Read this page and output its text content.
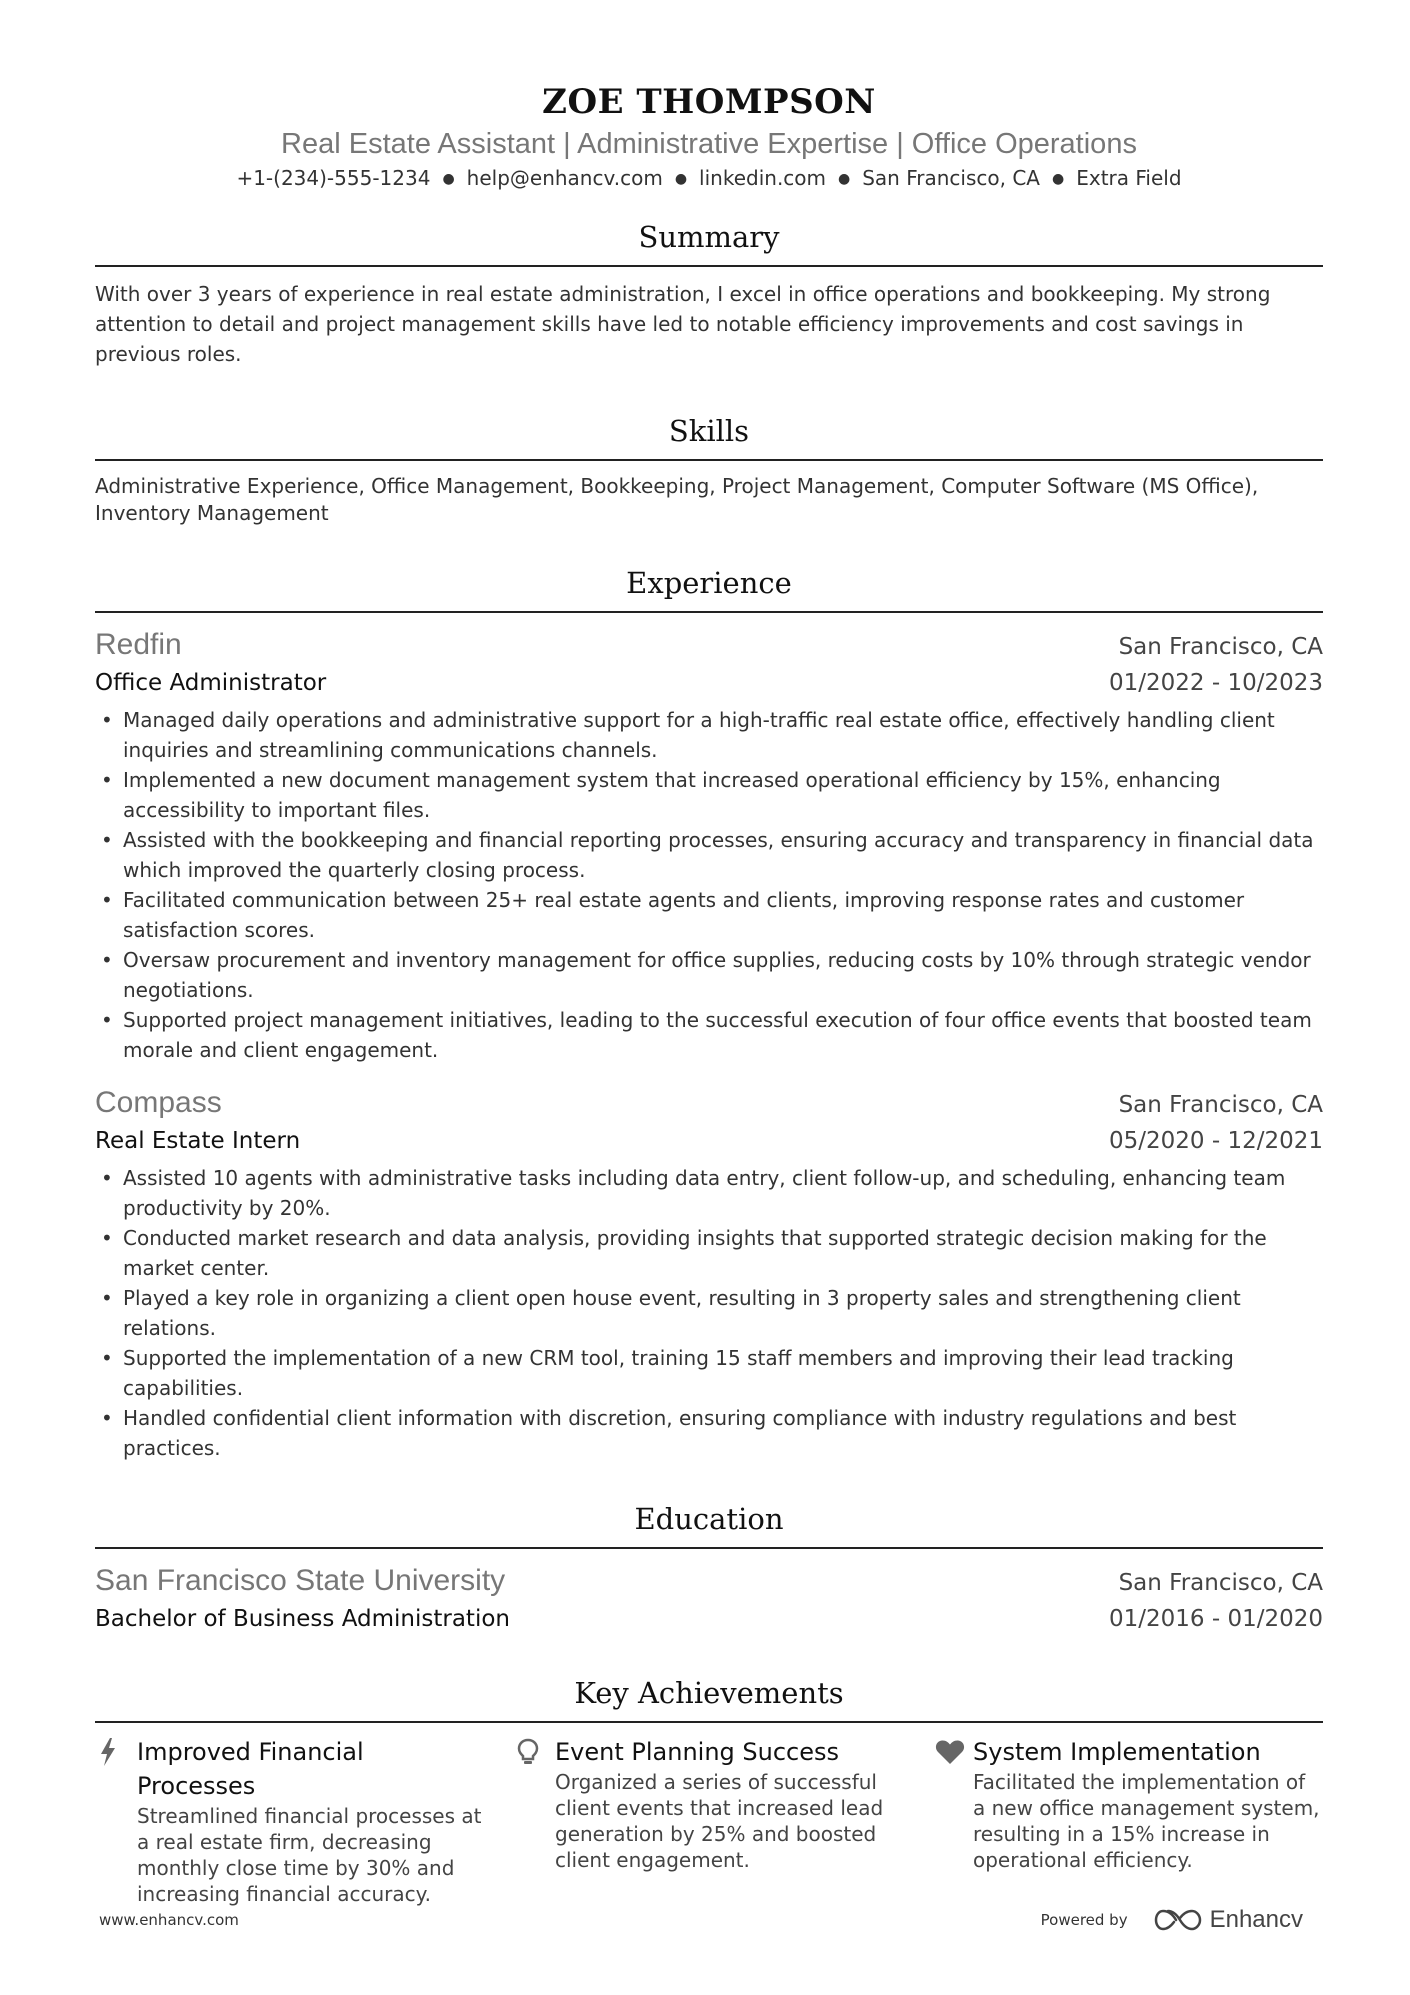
ZOE THOMPSON
Real Estate Assistant | Administrative Expertise | Office Operations
+1-(234)-555-1234 ● help@enhancv.com ● linkedin.com ● San Francisco, CA ● Extra Field
Summary
With over 3 years of experience in real estate administration, I excel in office operations and bookkeeping. My strong attention to detail and project management skills have led to notable efficiency improvements and cost savings in previous roles.
Skills
Administrative Experience, Office Management, Bookkeeping, Project Management, Computer Software (MS Office), Inventory Management
Experience
Redfin	San Francisco, CA
Office Administrator	01/2022 - 10/2023
• Managed daily operations and administrative support for a high-traffic real estate office, effectively handling client inquiries and streamlining communications channels.
• Implemented a new document management system that increased operational efficiency by 15%, enhancing accessibility to important files.
• Assisted with the bookkeeping and financial reporting processes, ensuring accuracy and transparency in financial data which improved the quarterly closing process.
• Facilitated communication between 25+ real estate agents and clients, improving response rates and customer satisfaction scores.
• Oversaw procurement and inventory management for office supplies, reducing costs by 10% through strategic vendor negotiations.
• Supported project management initiatives, leading to the successful execution of four office events that boosted team morale and client engagement.
Compass	San Francisco, CA
Real Estate Intern	05/2020 - 12/2021
• Assisted 10 agents with administrative tasks including data entry, client follow-up, and scheduling, enhancing team productivity by 20%.
• Conducted market research and data analysis, providing insights that supported strategic decision making for the market center.
• Played a key role in organizing a client open house event, resulting in 3 property sales and strengthening client relations.
• Supported the implementation of a new CRM tool, training 15 staff members and improving their lead tracking capabilities.
• Handled confidential client information with discretion, ensuring compliance with industry regulations and best practices.
Education
San Francisco State University	San Francisco, CA
Bachelor of Business Administration	01/2016 - 01/2020
Key Achievements
Improved Financial Processes
Streamlined financial processes at a real estate firm, decreasing monthly close time by 30% and increasing financial accuracy.
Event Planning Success
Organized a series of successful client events that increased lead generation by 25% and boosted client engagement.
System Implementation
Facilitated the implementation of a new office management system, resulting in a 15% increase in operational efficiency.
www.enhancv.com	Powered by	Enhancv
